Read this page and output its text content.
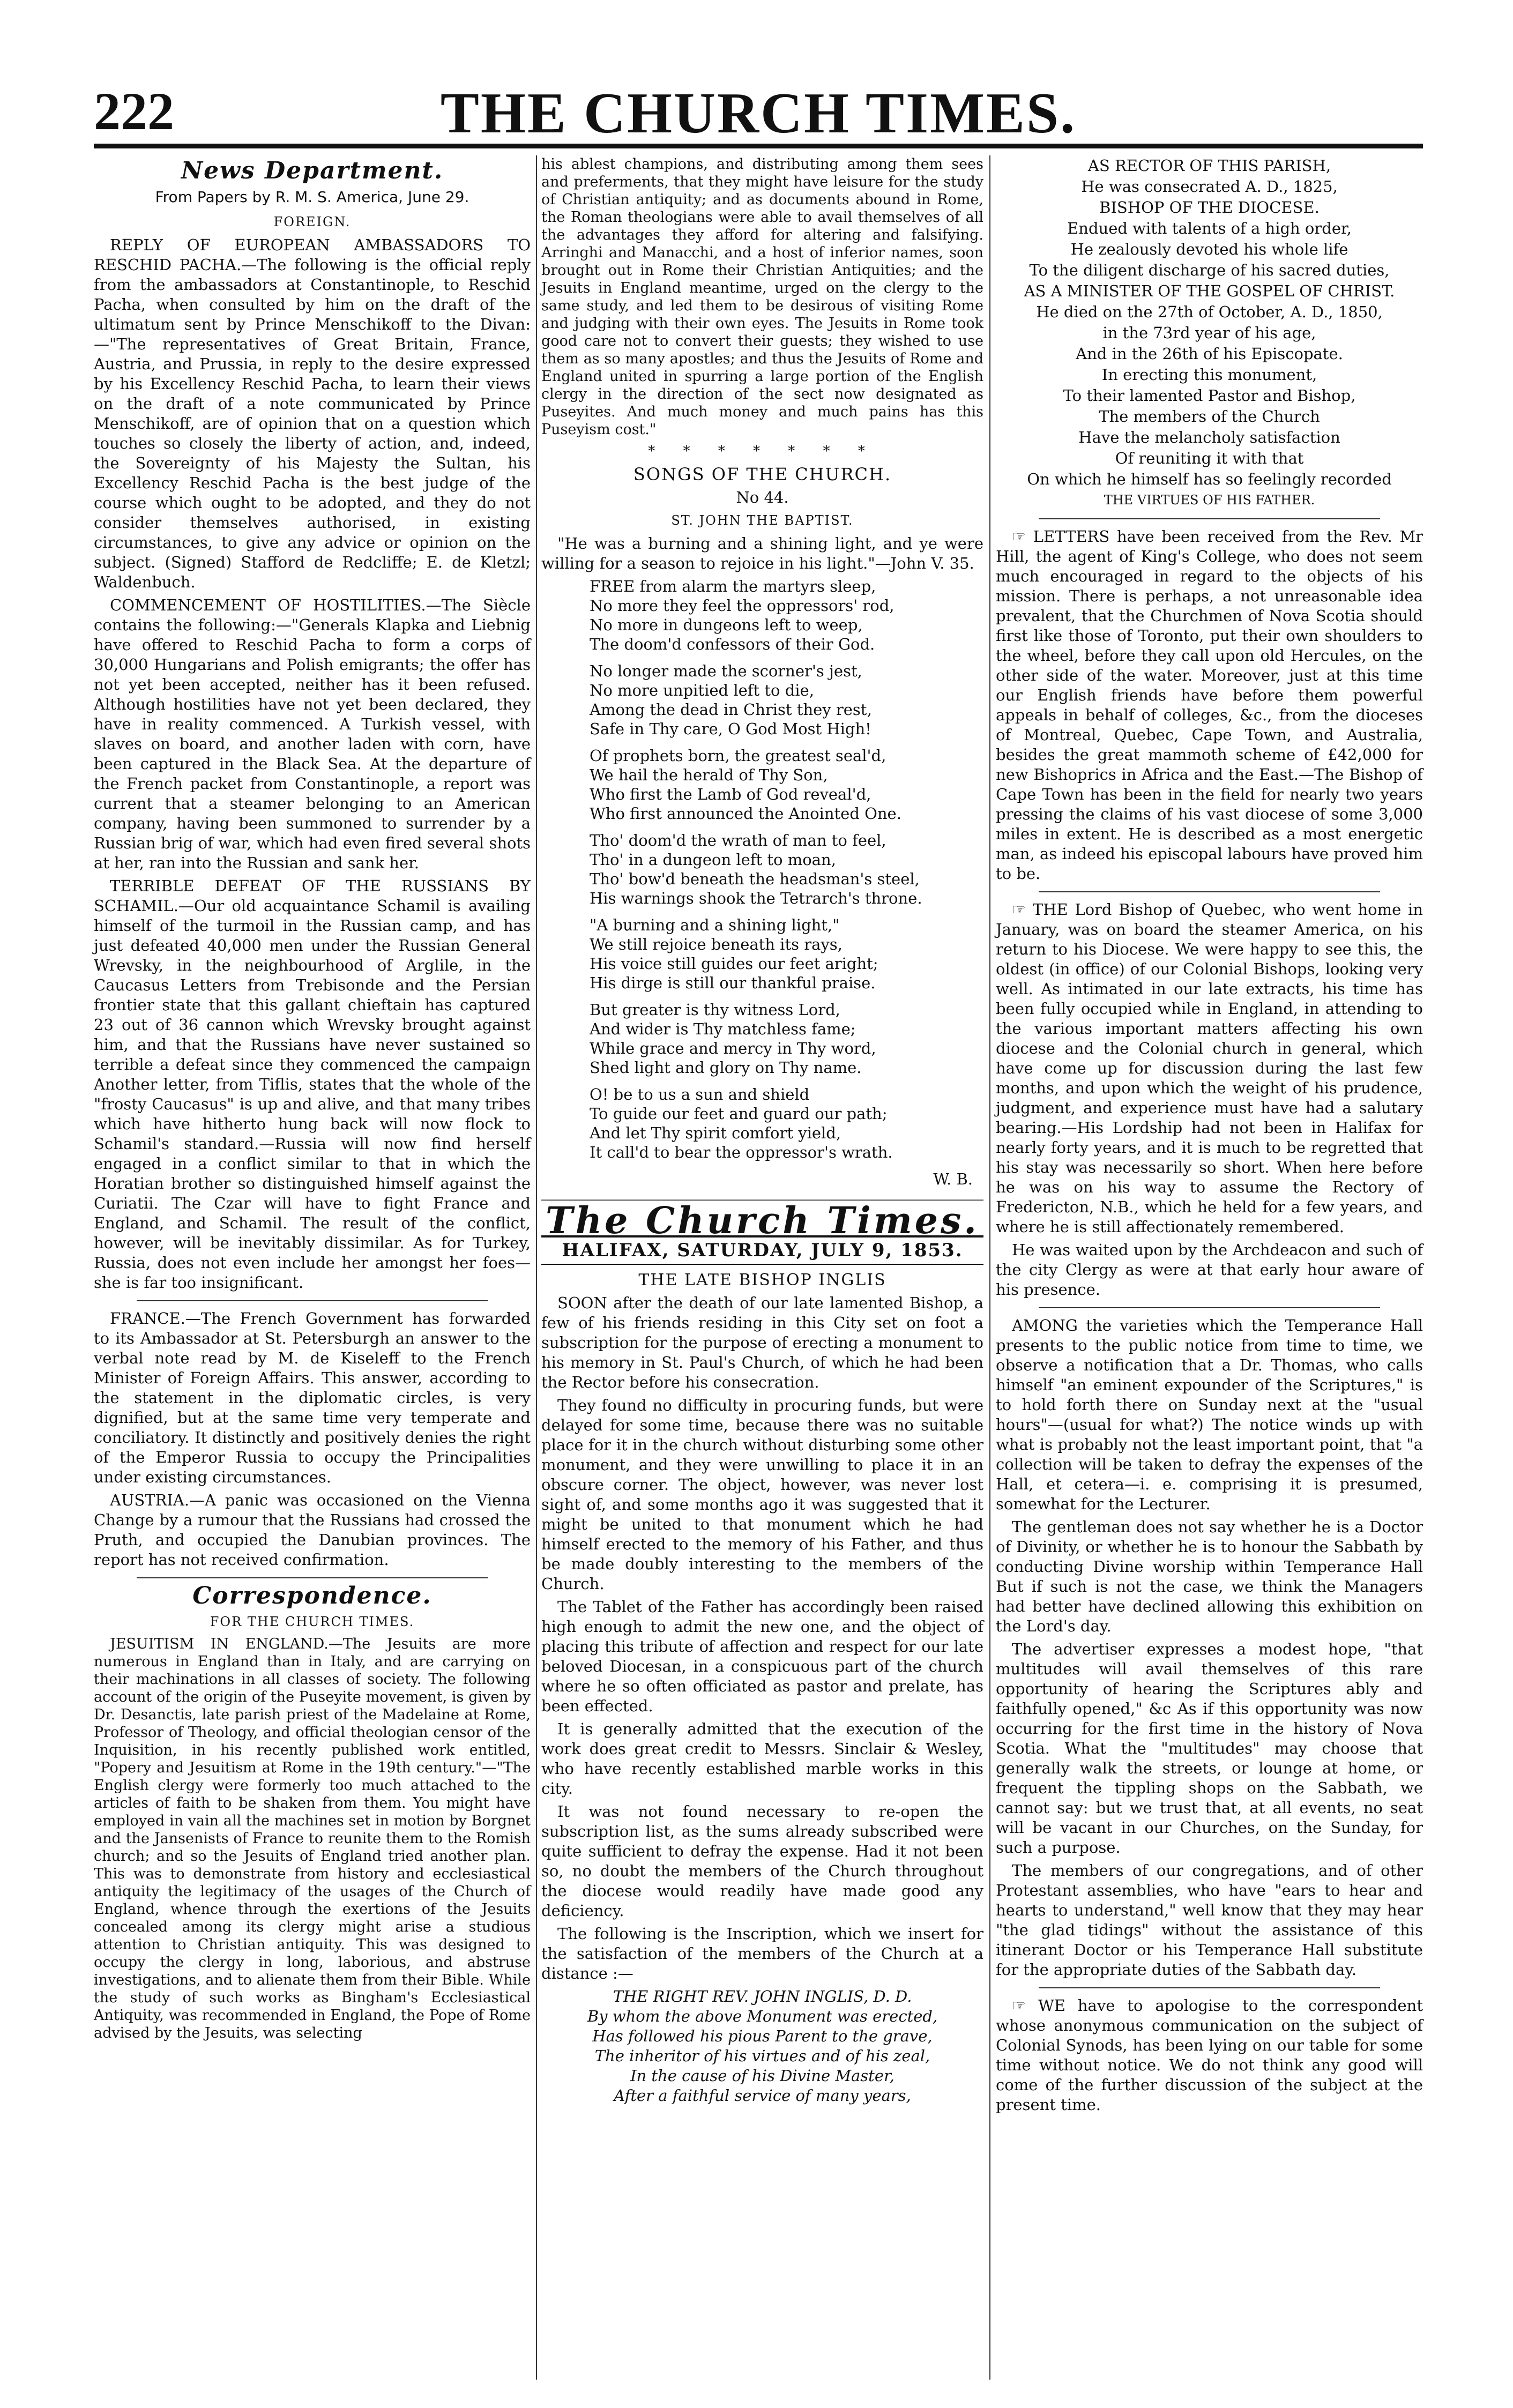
222	THE CHURCH TIMES.
News Department.
From Papers by R. M. S. America, June 29.
FOREIGN.

REPLY OF EUROPEAN AMBASSADORS TO RESCHID PACHA.—The following is the official reply from the ambassadors at Constantinople, to Reschid Pacha, when consulted by him on the draft of the ultimatum sent by Prince Menschikoff to the Divan:—"The representatives of Great Britain, France, Austria, and Prussia, in reply to the desire expressed by his Excellency Reschid Pacha, to learn their views on the draft of a note communicated by Prince Menschikoff, are of opinion that on a question which touches so closely the liberty of action, and, indeed, the Sovereignty of his Majesty the Sultan, his Excellency Reschid Pacha is the best judge of the course which ought to be adopted, and they do not consider themselves authorised, in existing circumstances, to give any advice or opinion on the subject. (Signed) Stafford de Redcliffe; E. de Kletzl; Waldenbuch.

COMMENCEMENT OF HOSTILITIES.—The Siècle contains the following:—"Generals Klapka and Liebnig have offered to Reschid Pacha to form a corps of 30,000 Hungarians and Polish emigrants; the offer has not yet been accepted, neither has it been refused. Although hostilities have not yet been declared, they have in reality commenced. A Turkish vessel, with slaves on board, and another laden with corn, have been captured in the Black Sea. At the departure of the French packet from Constantinople, a report was current that a steamer belonging to an American company, having been summoned to surrender by a Russian brig of war, which had even fired several shots at her, ran into the Russian and sank her.

TERRIBLE DEFEAT OF THE RUSSIANS BY SCHAMIL.—Our old acquaintance Schamil is availing himself of the turmoil in the Russian camp, and has just defeated 40,000 men under the Russian General Wrevsky, in the neighbourhood of Arglile, in the Caucasus Letters from Trebisonde and the Persian frontier state that this gallant chieftain has captured 23 out of 36 cannon which Wrevsky brought against him, and that the Russians have never sustained so terrible a defeat since they commenced the campaign Another letter, from Tiflis, states that the whole of the "frosty Caucasus" is up and alive, and that many tribes which have hitherto hung back will now flock to Schamil's standard.—Russia will now find herself engaged in a conflict similar to that in which the Horatian brother so distinguished himself against the Curiatii. The Czar will have to fight France and England, and Schamil. The result of the conflict, however, will be inevitably dissimilar. As for Turkey, Russia, does not even include her amongst her foes—she is far too insignificant.

FRANCE.—The French Government has forwarded to its Ambassador at St. Petersburgh an answer to the verbal note read by M. de Kiseleff to the French Minister of Foreign Affairs. This answer, according to the statement in the diplomatic circles, is very dignified, but at the same time very temperate and conciliatory. It distinctly and positively denies the right of the Emperor Russia to occupy the Principalities under existing circumstances.

AUSTRIA.—A panic was occasioned on the Vienna Change by a rumour that the Russians had crossed the Pruth, and occupied the Danubian provinces. The report has not received confirmation.

Correspondence.
FOR THE CHURCH TIMES.

JESUITISM IN ENGLAND.—The Jesuits are more numerous in England than in Italy, and are carrying on their machinations in all classes of society. The following account of the origin of the Puseyite movement, is given by Dr. Desanctis, late parish priest of the Madelaine at Rome, Professor of Theology, and official theologian censor of the Inquisition, in his recently published work entitled, "Popery and Jesuitism at Rome in the 19th century."—"The English clergy were formerly too much attached to the articles of faith to be shaken from them. You might have employed in vain all the machines set in motion by Borgnet and the Jansenists of France to reunite them to the Romish church; and so the Jesuits of England tried another plan. This was to demonstrate from history and ecclesiastical antiquity the legitimacy of the usages of the Church of England, whence through the exertions of the Jesuits concealed among its clergy might arise a studious attention to Christian antiquity. This was designed to occupy the clergy in long, laborious, and abstruse investigations, and to alienate them from their Bible. While the study of such works as Bingham's Ecclesiastical Antiquity, was recommended in England, the Pope of Rome advised by the Jesuits, was selecting

his ablest champions, and distributing among them sees and preferments, that they might have leisure for the study of Christian antiquity; and as documents abound in Rome, the Roman theologians were able to avail themselves of all the advantages they afford for altering and falsifying. Arringhi and Manacchi, and a host of inferior names, soon brought out in Rome their Christian Antiquities; and the Jesuits in England meantime, urged on the clergy to the same study, and led them to be desirous of visiting Rome and judging with their own eyes. The Jesuits in Rome took good care not to convert their guests; they wished to use them as so many apostles; and thus the Jesuits of Rome and England united in spurring a large portion of the English clergy in the direction of the sect now designated as Puseyites. And much money and much pains has this Puseyism cost."

* * * * * * *
SONGS OF THE CHURCH.
No 44.
ST. JOHN THE BAPTIST.

"He was a burning and a shining light, and ye were willing for a season to rejoice in his light."—John V. 35.

FREE from alarm the martyrs sleep,
No more they feel the oppressors' rod,
No more in dungeons left to weep,
The doom'd confessors of their God.
No longer made the scorner's jest,
No more unpitied left to die,
Among the dead in Christ they rest,
Safe in Thy care, O God Most High!
Of prophets born, the greatest seal'd,
We hail the herald of Thy Son,
Who first the Lamb of God reveal'd,
Who first announced the Anointed One.
Tho' doom'd the wrath of man to feel,
Tho' in a dungeon left to moan,
Tho' bow'd beneath the headsman's steel,
His warnings shook the Tetrarch's throne.
"A burning and a shining light,"
We still rejoice beneath its rays,
His voice still guides our feet aright;
His dirge is still our thankful praise.
But greater is thy witness Lord,
And wider is Thy matchless fame;
While grace and mercy in Thy word,
Shed light and glory on Thy name.
O! be to us a sun and shield
To guide our feet and guard our path;
And let Thy spirit comfort yield,
It call'd to bear the oppressor's wrath.
W. B.
The Church Times.
HALIFAX, SATURDAY, JULY 9, 1853.
THE LATE BISHOP INGLIS

SOON after the death of our late lamented Bishop, a few of his friends residing in this City set on foot a subscription for the purpose of erecting a monument to his memory in St. Paul's Church, of which he had been the Rector before his consecration.

They found no difficulty in procuring funds, but were delayed for some time, because there was no suitable place for it in the church without disturbing some other monument, and they were unwilling to place it in an obscure corner. The object, however, was never lost sight of, and some months ago it was suggested that it might be united to that monument which he had himself erected to the memory of his Father, and thus be made doubly interesting to the members of the Church.

The Tablet of the Father has accordingly been raised high enough to admit the new one, and the object of placing this tribute of affection and respect for our late beloved Diocesan, in a conspicuous part of the church where he so often officiated as pastor and prelate, has been effected.

It is generally admitted that the execution of the work does great credit to Messrs. Sinclair & Wesley, who have recently established marble works in this city.

It was not found necessary to re-open the subscription list, as the sums already subscribed were quite sufficient to defray the expense. Had it not been so, no doubt the members of the Church throughout the diocese would readily have made good any deficiency.

The following is the Inscription, which we insert for the satisfaction of the members of the Church at a distance :—

THE RIGHT REV. JOHN INGLIS, D. D.
By whom the above Monument was erected,
Has followed his pious Parent to the grave,
The inheritor of his virtues and of his zeal,
In the cause of his Divine Master,
After a faithful service of many years,
AS RECTOR OF THIS PARISH,
He was consecrated A. D., 1825,
BISHOP OF THE DIOCESE.
Endued with talents of a high order,
He zealously devoted his whole life
To the diligent discharge of his sacred duties,
AS A MINISTER OF THE GOSPEL OF CHRIST.
He died on the 27th of October, A. D., 1850,
in the 73rd year of his age,
And in the 26th of his Episcopate.
In erecting this monument,
To their lamented Pastor and Bishop,
The members of the Church
Have the melancholy satisfaction
Of reuniting it with that
On which he himself has so feelingly recorded
THE VIRTUES OF HIS FATHER.

☞ LETTERS have been received from the Rev. Mr Hill, the agent of King's College, who does not seem much encouraged in regard to the objects of his mission. There is perhaps, a not unreasonable idea prevalent, that the Churchmen of Nova Scotia should first like those of Toronto, put their own shoulders to the wheel, before they call upon old Hercules, on the other side of the water. Moreover, just at this time our English friends have before them powerful appeals in behalf of colleges, &c., from the dioceses of Montreal, Quebec, Cape Town, and Australia, besides the great mammoth scheme of £42,000 for new Bishoprics in Africa and the East.—The Bishop of Cape Town has been in the field for nearly two years pressing the claims of his vast diocese of some 3,000 miles in extent. He is described as a most energetic man, as indeed his episcopal labours have proved him to be.

☞ THE Lord Bishop of Quebec, who went home in January, was on board the steamer America, on his return to his Diocese. We were happy to see this, the oldest (in office) of our Colonial Bishops, looking very well. As intimated in our late extracts, his time has been fully occupied while in England, in attending to the various important matters affecting his own diocese and the Colonial church in general, which have come up for discussion during the last few months, and upon which the weight of his prudence, judgment, and experience must have had a salutary bearing.—His Lordship had not been in Halifax for nearly forty years, and it is much to be regretted that his stay was necessarily so short. When here before he was on his way to assume the Rectory of Fredericton, N.B., which he held for a few years, and where he is still affectionately remembered.

He was waited upon by the Archdeacon and such of the city Clergy as were at that early hour aware of his presence.

AMONG the varieties which the Temperance Hall presents to the public notice from time to time, we observe a notification that a Dr. Thomas, who calls himself "an eminent expounder of the Scriptures," is to hold forth there on Sunday next at the "usual hours"—(usual for what?) The notice winds up with what is probably not the least important point, that "a collection will be taken to defray the expenses of the Hall, et cetera—i. e. comprising it is presumed, somewhat for the Lecturer.

The gentleman does not say whether he is a Doctor of Divinity, or whether he is to honour the Sabbath by conducting Divine worship within Temperance Hall But if such is not the case, we think the Managers had better have declined allowing this exhibition on the Lord's day.

The advertiser expresses a modest hope, "that multitudes will avail themselves of this rare opportunity of hearing the Scriptures ably and faithfully opened," &c As if this opportunity was now occurring for the first time in the history of Nova Scotia. What the "multitudes" may choose that generally walk the streets, or lounge at home, or frequent the tippling shops on the Sabbath, we cannot say: but we trust that, at all events, no seat will be vacant in our Churches, on the Sunday, for such a purpose.

The members of our congregations, and of other Protestant assemblies, who have "ears to hear and hearts to understand," well know that they may hear "the glad tidings" without the assistance of this itinerant Doctor or his Temperance Hall substitute for the appropriate duties of the Sabbath day.

☞ WE have to apologise to the correspondent whose anonymous communication on the subject of Colonial Synods, has been lying on our table for some time without notice. We do not think any good will come of the further discussion of the subject at the present time.
